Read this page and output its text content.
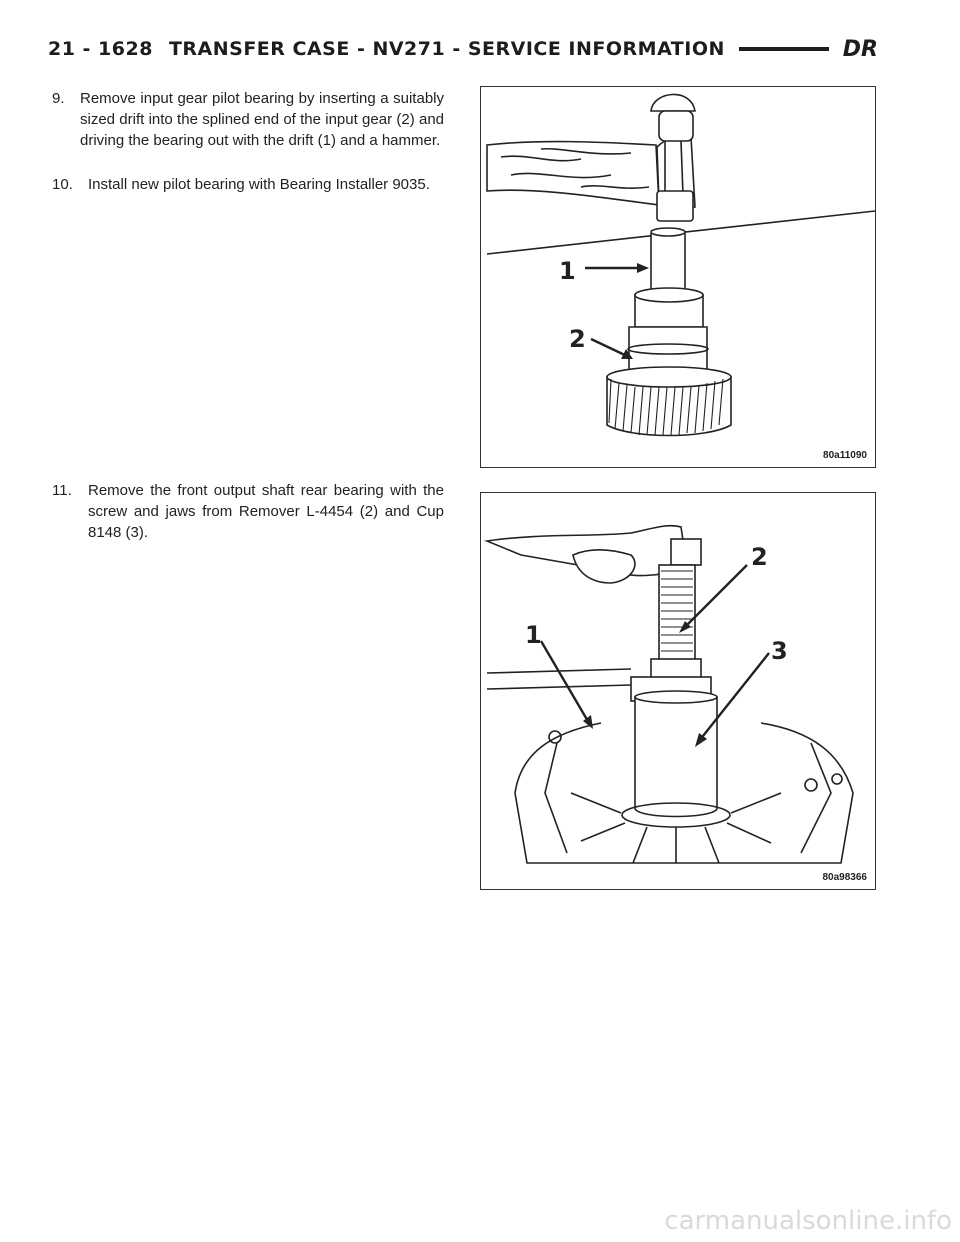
21 - 1628 TRANSFER CASE - NV271 - SERVICE INFORMATION	DR
9.	Remove input gear pilot bearing by inserting a suitably sized drift into the splined end of the input gear (2) and driving the bearing out with the drift (1) and a hammer.
10.	Install new pilot bearing with Bearing Installer 9035.
11.	Remove the front output shaft rear bearing with the screw and jaws from Remover L-4454 (2) and Cup 8148 (3).
1
2
80a11090
1
2
3
80a98366
carmanualsonline.info
